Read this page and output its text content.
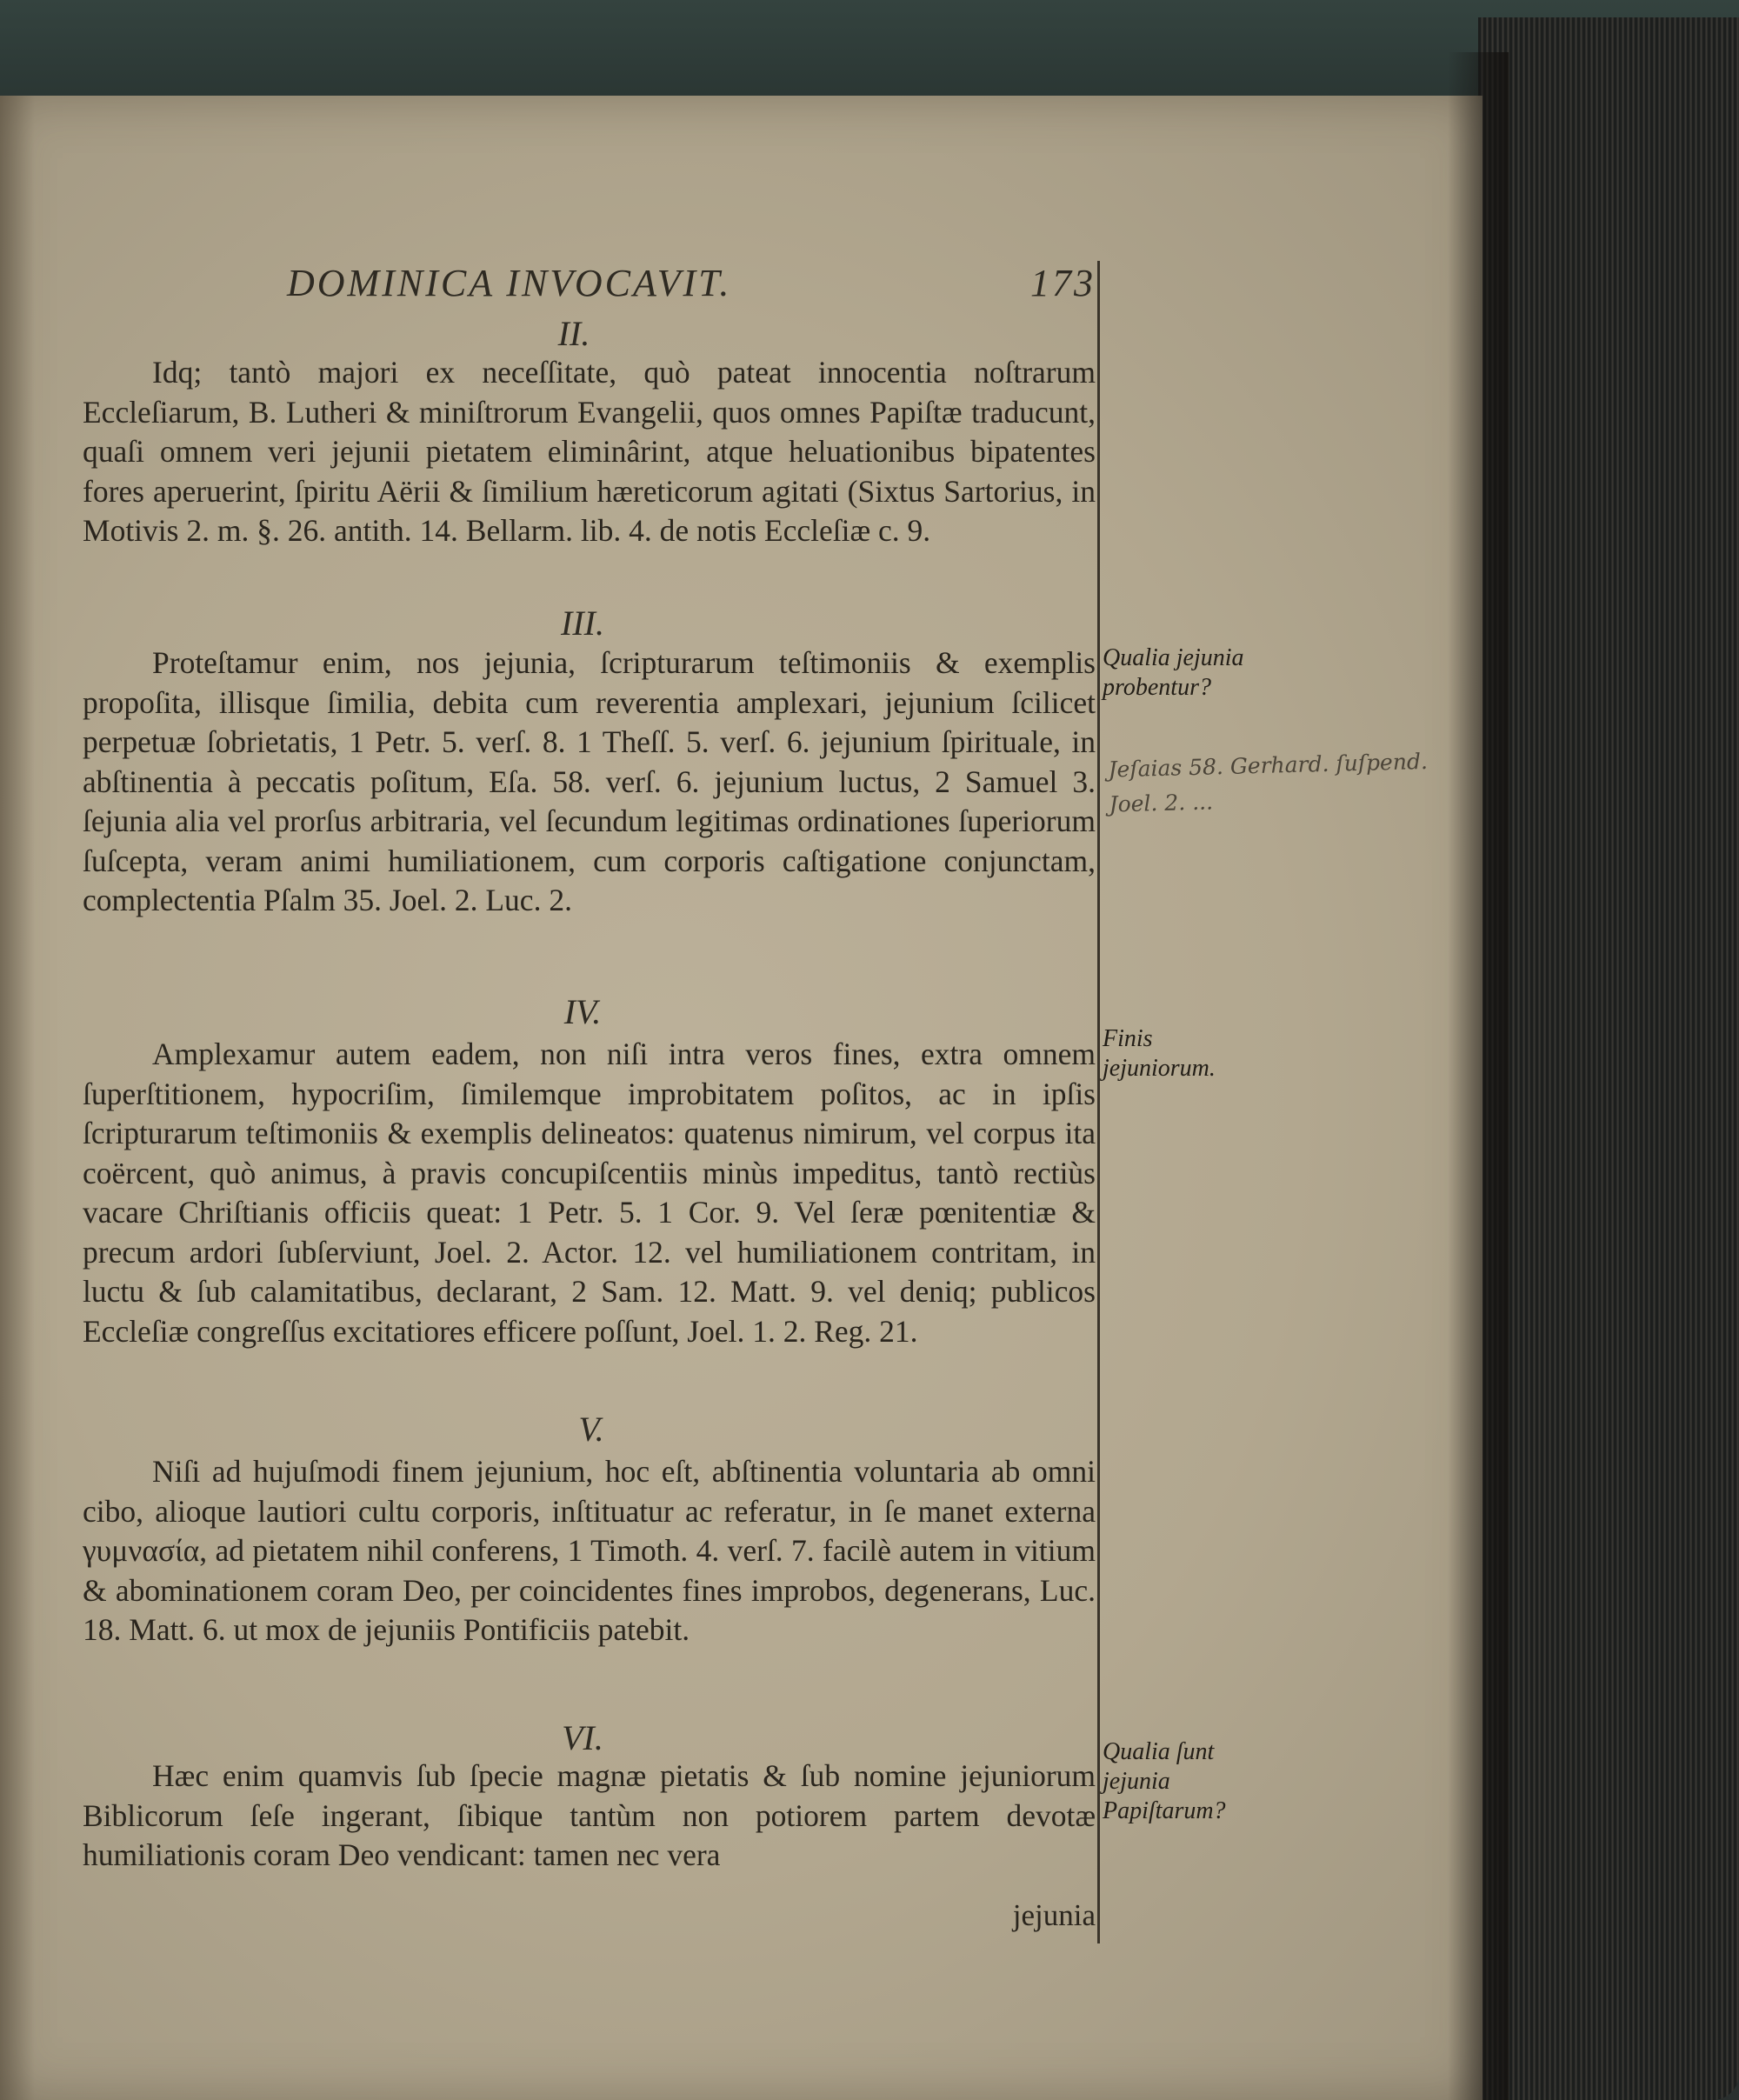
DOMINICA INVOCAVIT.	173
II.

Idq; tantò majori ex neceſſitate, quò pateat innocentia noſtrarum Eccleſiarum, B. Lutheri & miniſtrorum Evangelii, quos omnes Papiſtæ traducunt, quaſi omnem veri jejunii pietatem eliminârint, atque heluationibus bipatentes fores aperuerint, ſpiritu Aërii & ſimilium hæreticorum agitati (Sixtus Sartorius, in Motivis 2. m. §. 26. antith. 14. Bellarm. lib. 4. de notis Eccleſiæ c. 9.

III.

Proteſtamur enim, nos jejunia, ſcripturarum teſtimoniis & exemplis propoſita, illisque ſimilia, debita cum reverentia amplexari, jejunium ſcilicet perpetuæ ſobrietatis, 1 Petr. 5. verſ. 8. 1 Theſſ. 5. verſ. 6. jejunium ſpirituale, in abſtinentia à peccatis poſitum, Eſa. 58. verſ. 6. jejunium luctus, 2 Samuel 3. ſejunia alia vel prorſus arbitraria, vel ſecundum legitimas ordinationes ſuperiorum ſuſcepta, veram animi humiliationem, cum corporis caſtigatione conjunctam, complectentia Pſalm 35. Joel. 2. Luc. 2.

IV.

Amplexamur autem eadem, non niſi intra veros fines, extra omnem ſuperſtitionem, hypocriſim, ſimilemque improbitatem poſitos, ac in ipſis ſcripturarum teſtimoniis & exemplis delineatos: quatenus nimirum, vel corpus ita coërcent, quò animus, à pravis concupiſcentiis minùs impeditus, tantò rectiùs vacare Chriſtianis officiis queat: 1 Petr. 5. 1 Cor. 9. Vel ſeræ pœnitentiæ & precum ardori ſubſerviunt, Joel. 2. Actor. 12. vel humiliationem contritam, in luctu & ſub calamitatibus, declarant, 2 Sam. 12. Matt. 9. vel deniq; publicos Eccleſiæ congreſſus excitatiores efficere poſſunt, Joel. 1. 2. Reg. 21.

V.

Niſi ad hujuſmodi finem jejunium, hoc eſt, abſtinentia voluntaria ab omni cibo, alioque lautiori cultu corporis, inſtituatur ac referatur, in ſe manet externa γυμνασία, ad pietatem nihil conferens, 1 Timoth. 4. verſ. 7. facilè autem in vitium & abominationem coram Deo, per coincidentes fines improbos, degenerans, Luc. 18. Matt. 6. ut mox de jejuniis Pontificiis patebit.

VI.

Hæc enim quamvis ſub ſpecie magnæ pietatis & ſub nomine jejuniorum Biblicorum ſeſe ingerant, ſibique tantùm non potiorem partem devotæ humiliationis coram Deo vendicant: tamen nec vera

jejunia
Qualia jejunia probentur?
Finis jejuniorum.
Qualia ſunt jejunia Papiſtarum?
Jeſaias 58. Gerhard. ſuſpend. Joel. 2. ...
